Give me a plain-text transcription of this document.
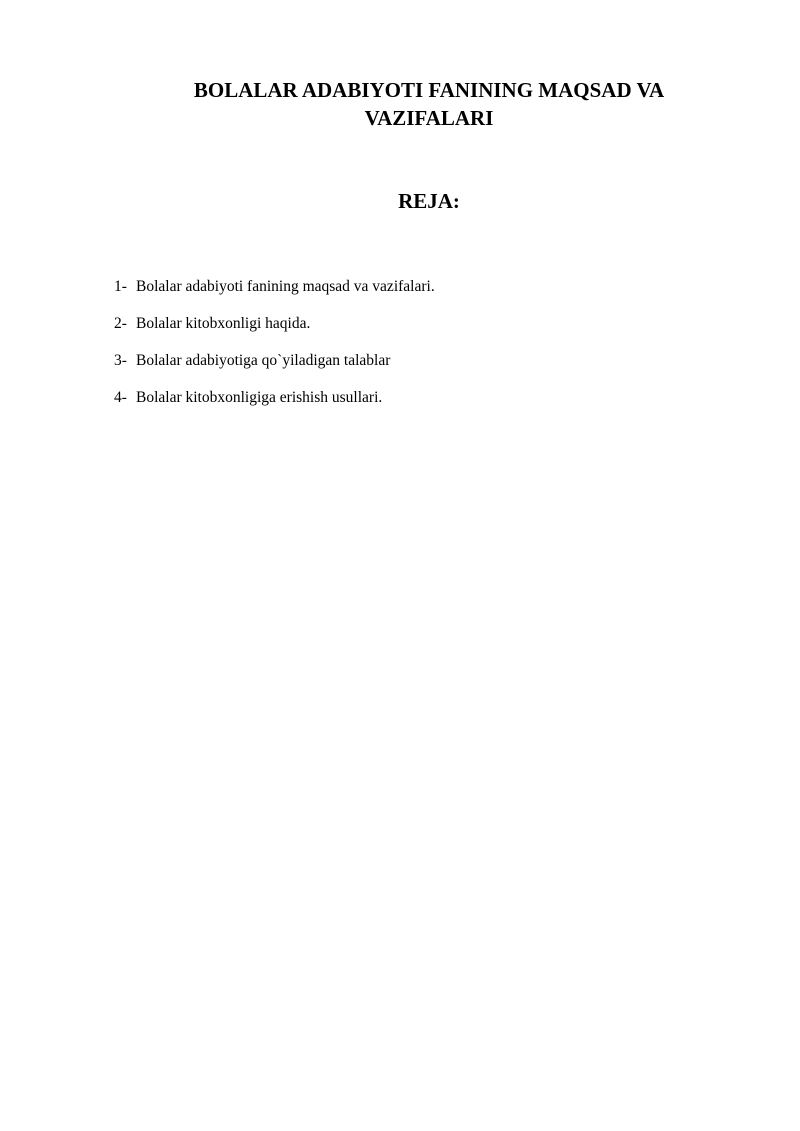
BOLALAR ADABIYOTI FANINING MAQSAD VA
VAZIFALARI
REJA:
1- Bolalar adabiyoti fanining maqsad va vazifalari.
2- Bolalar kitobxonligi haqida.
3- Bolalar adabiyotiga qo`yiladigan talablar
4- Bolalar kitobxonligiga erishish usullari.
